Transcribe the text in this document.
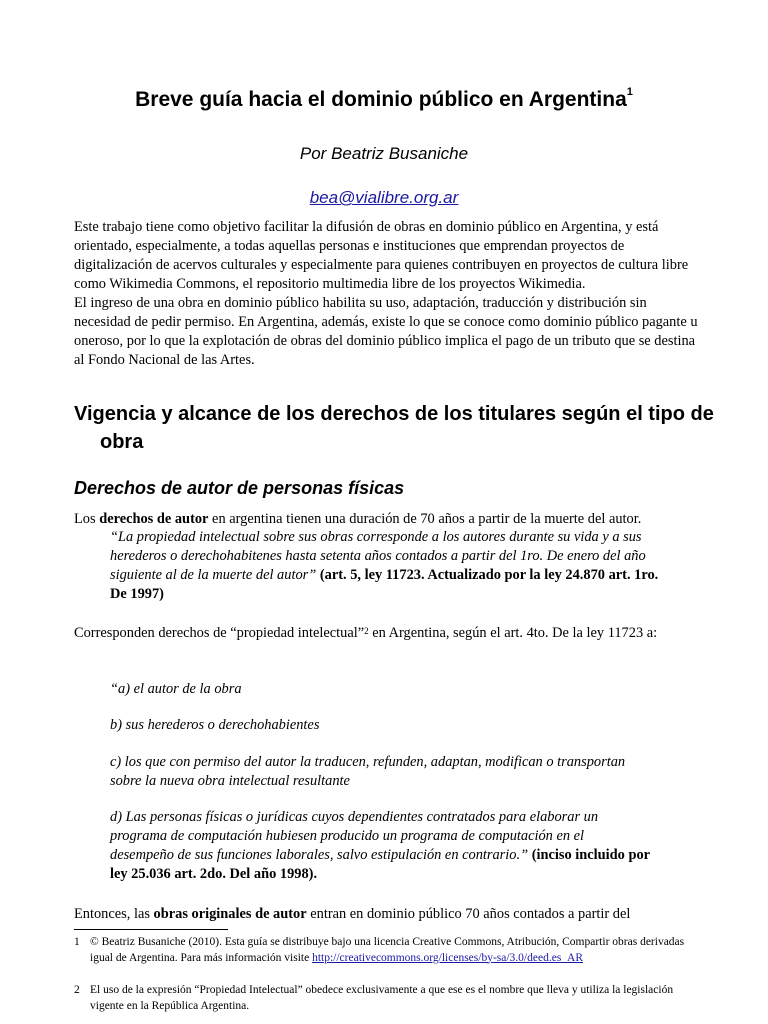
Breve guía hacia el dominio público en Argentina$^1$
Por Beatriz Busaniche
bea@vialibre.org.ar

Este trabajo tiene como objetivo facilitar la difusión de obras en dominio público en Argentina, y está orientado, especialmente, a todas aquellas personas e instituciones que emprendan proyectos de digitalización de acervos culturales y especialmente para quienes contribuyen en proyectos de cultura libre como Wikimedia Commons, el repositorio multimedia libre de los proyectos Wikimedia.

El ingreso de una obra en dominio público habilita su uso, adaptación, traducción y distribución sin necesidad de pedir permiso. En Argentina, además, existe lo que se conoce como dominio público pagante u oneroso, por lo que la explotación de obras del dominio público implica el pago de un tributo que se destina al Fondo Nacional de las Artes.

Vigencia y alcance de los derechos de los titulares según el tipo de obra
Derechos de autor de personas físicas
Los derechos de autor en argentina tienen una duración de 70 años a partir de la muerte del autor.
“La propiedad intelectual sobre sus obras corresponde a los autores durante su vida y a sus herederos o derechohabitenes hasta setenta años contados a partir del 1ro. De enero del año siguiente al de la muerte del autor” (art. 5, ley 11723. Actualizado por la ley 24.870 art. 1ro. De 1997)
Corresponden derechos de “propiedad intelectual”$^2$ en Argentina, según el art. 4to. De la ley 11723 a:
“a) el autor de la obra
b) sus herederos o derechohabientes
c) los que con permiso del autor la traducen, refunden, adaptan, modifican o transportan sobre la nueva obra intelectual resultante
d) Las personas físicas o jurídicas cuyos dependientes contratados para elaborar un programa de computación hubiesen producido un programa de computación en el desempeño de sus funciones laborales, salvo estipulación en contrario.” (inciso incluido por ley 25.036 art. 2do. Del año 1998).
Entonces, las obras originales de autor entran en dominio público 70 años contados a partir del
1 © Beatriz Busaniche (2010). Esta guía se distribuye bajo una licencia Creative Commons, Atribución, Compartir obras derivadas igual de Argentina. Para más información visite http://creativecommons.org/licenses/by-sa/3.0/deed.es_AR
2 El uso de la expresión “Propiedad Intelectual” obedece exclusivamente a que ese es el nombre que lleva y utiliza la legislación vigente en la República Argentina.
